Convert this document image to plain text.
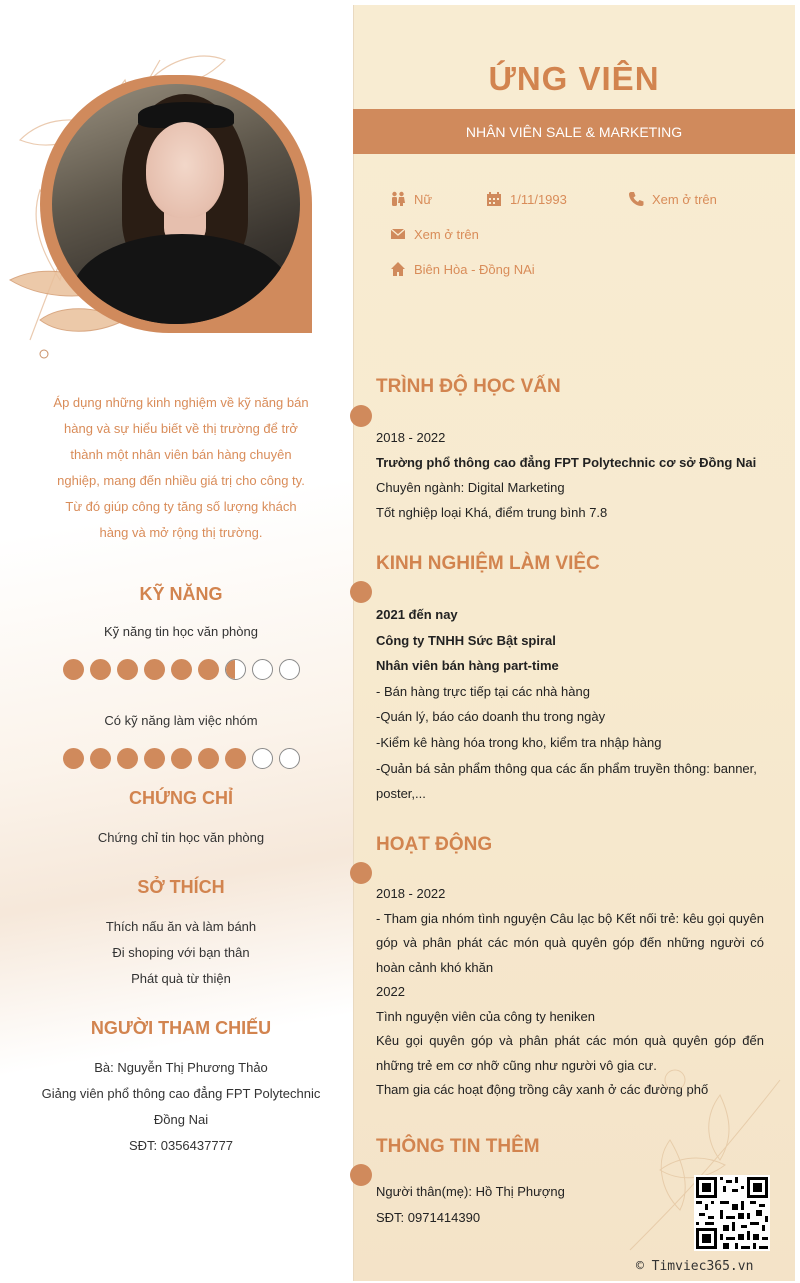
Áp dụng những kinh nghiệm về kỹ năng bán
hàng và sự hiểu biết về thị trường để trở
thành một nhân viên bán hàng chuyên
nghiệp, mang đến nhiều giá trị cho công ty.
Từ đó giúp công ty tăng số lượng khách
hàng và mở rộng thị trường.
KỸ NĂNG
Kỹ năng tin học văn phòng
Có kỹ năng làm việc nhóm
CHỨNG CHỈ
Chứng chỉ tin học văn phòng
SỞ THÍCH
Thích nấu ăn và làm bánh
Đi shoping với bạn thân
Phát quà từ thiện
NGƯỜI THAM CHIẾU
Bà: Nguyễn Thị Phương Thảo
Giảng viên phổ thông cao đẳng FPT Polytechnic
Đồng Nai
SĐT: 0356437777
ỨNG VIÊN
NHÂN VIÊN SALE & MARKETING
Nữ	1/11/1993	Xem ở trên
Xem ở trên
Biên Hòa - Đồng NAi
TRÌNH ĐỘ HỌC VẤN
2018 - 2022
Trường phổ thông cao đẳng FPT Polytechnic cơ sở Đồng Nai
Chuyên ngành: Digital Marketing
Tốt nghiệp loại Khá, điểm trung bình 7.8
KINH NGHIỆM LÀM VIỆC
2021 đến nay
Công ty TNHH Sức Bật spiral
Nhân viên bán hàng part-time
- Bán hàng trực tiếp tại các nhà hàng
-Quán lý, báo cáo doanh thu trong ngày
-Kiểm kê hàng hóa trong kho, kiểm tra nhập hàng
-Quản bá sản phẩm thông qua các ấn phẩm truyền thông: banner, poster,...
HOẠT ĐỘNG
2018 - 2022
- Tham gia nhóm tình nguyện Câu lạc bộ Kết nối trẻ: kêu gọi quyên góp và phân phát các món quà quyên góp đến những người có hoàn cảnh khó khăn
2022
Tình nguyện viên của công ty heniken
Kêu gọi quyên góp và phân phát các món quà quyên góp đến những trẻ em cơ nhỡ cũng như người vô gia cư.
Tham gia các hoạt động trồng cây xanh ở các đường phố
THÔNG TIN THÊM
Người thân(mẹ): Hồ Thị Phượng
SĐT: 0971414390
© Timviec365.vn
